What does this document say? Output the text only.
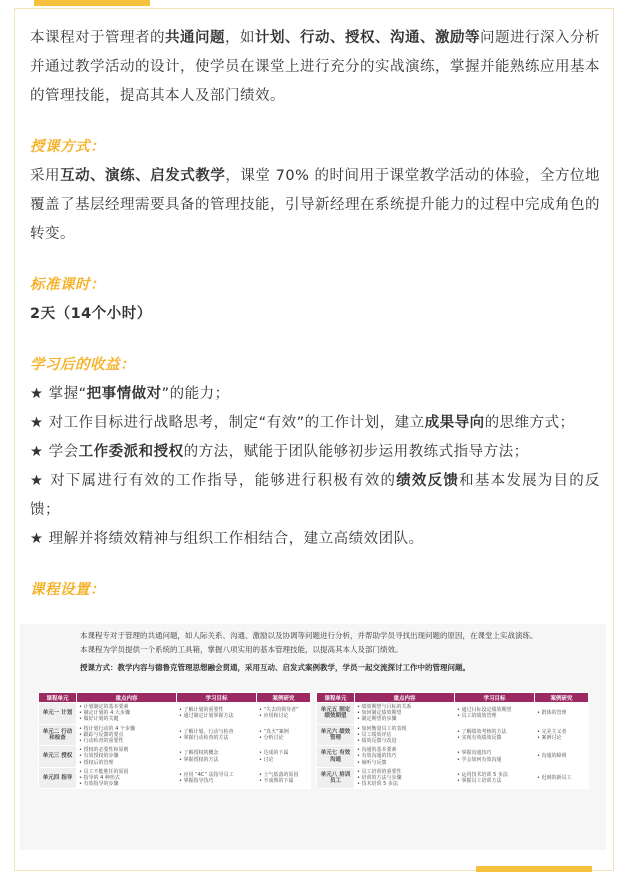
本课程对于管理者的共通问题，如计划、行动、授权、沟通、激励等问题进行深入分析并通过教学活动的设计，使学员在课堂上进行充分的实战演练，掌握并能熟练应用基本的管理技能，提高其本人及部门绩效。

授课方式：

采用互动、演练、启发式教学，课堂 70% 的时间用于课堂教学活动的体验，全方位地覆盖了基层经理需要具备的管理技能，引导新经理在系统提升能力的过程中完成角色的转变。

标准课时：

2天（14个小时）

学习后的收益：

★ 掌握“把事情做对”的能力；

★ 对工作目标进行战略思考，制定“有效”的工作计划，建立成果导向的思维方式；

★ 学会工作委派和授权的方法，赋能于团队能够初步运用教练式指导方法；

★ 对下属进行有效的工作指导，能够进行积极有效的绩效反馈和基本发展为目的反馈；

★ 理解并将绩效精神与组织工作相结合，建立高绩效团队。

课程设置：

本课程专对于管理的共通问题，如人际关系、沟通、激励以及协调等问题进行分析，并帮助学员寻找出现问题的原因，在课堂上实战演练。
本课程为学员提供一个系统的工具箱，掌握八项实用的基本管理技能，以提高其本人及部门绩效。
授课方式：教学内容与德鲁克管理思想融会贯通，采用互动、启发式案例教学，学员一起交流探讨工作中的管理问题。
课程单元	重点内容	学习目标	案例研究
单元一 计划	• 计划制定的基本要素
• 制定计划的 4 大步骤
• 做好计划的关键	• 了解计划的重要性
• 通过制定计划掌握方法	• “失去的领导者”
• 应用和讨论
单元二 行动和检查	• 按计划行动的 4 个步骤
• 跟踪与反馈的要点
• 行动检查的重要性	• 了解计划、行动与检查
• 掌握行动检查的方法	• “真火”案例
• 分析讨论
单元三 授权	• 授权的必要性和原则
• 有效授权的步骤
• 授权后的管理	• 了解授权的概念
• 掌握授权的方法	• 达成的下属
• 讨论
单元四 指导	• 员工不能胜任的原因
• 指导的 4 种形式
• 有效指导的步骤	• 应用 “4C” 法指导员工
• 掌握指导技巧	• 士气低落的原因
• 不成熟的下属
课程单元	重点内容	学习目标	案例研究
单元五 制定绩效期望	• 绩效期望与目标的关系
• 如何制定绩效期望
• 制定期望的步骤	• 通过目标设定绩效期望
• 员工的绩效管理	• 群体的管理
单元六 绩效管理	• 如何衡量员工的表现
• 员工绩效评估
• 绩效反馈与改进	• 了解绩效考核的方法
• 实现有效绩效反馈	• 完美主义者
• 案例讨论
单元七 有效沟通	• 沟通的基本要素
• 有效沟通的技巧
• 倾听与反馈	• 掌握沟通技巧
• 学会如何有效沟通	• 沟通的障碍
单元八 培训员工	• 员工培训的重要性
• 培训的方法与步骤
• 技术培训 5 步法	• 运用技术培训 5 步法
• 掌握员工培训方法	• 迟到的新员工
